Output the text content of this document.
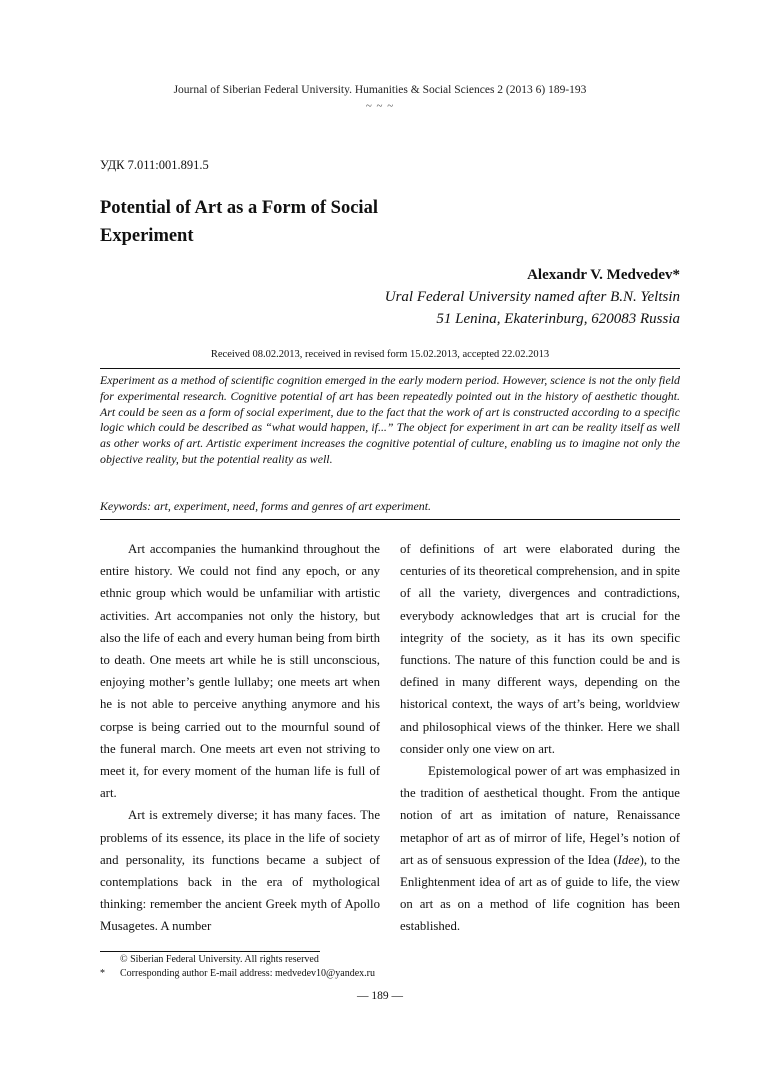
Journal of Siberian Federal University. Humanities & Social Sciences 2 (2013 6) 189-193
~ ~ ~
УДК 7.011:001.891.5
Potential of Art as a Form of Social Experiment
Alexandr V. Medvedev*
Ural Federal University named after B.N. Yeltsin
51 Lenina, Ekaterinburg, 620083 Russia
Received 08.02.2013, received in revised form 15.02.2013, accepted 22.02.2013
Experiment as a method of scientific cognition emerged in the early modern period. However, science is not the only field for experimental research. Cognitive potential of art has been repeatedly pointed out in the history of aesthetic thought. Art could be seen as a form of social experiment, due to the fact that the work of art is constructed according to a specific logic which could be described as “what would happen, if...” The object for experiment in art can be reality itself as well as other works of art. Artistic experiment increases the cognitive potential of culture, enabling us to imagine not only the objective reality, but the potential reality as well.
Keywords: art, experiment, need, forms and genres of art experiment.

Art accompanies the humankind throughout the entire history. We could not find any epoch, or any ethnic group which would be unfamiliar with artistic activities. Art accompanies not only the history, but also the life of each and every human being from birth to death. One meets art while he is still unconscious, enjoying mother’s gentle lullaby; one meets art when he is not able to perceive anything anymore and his corpse is being carried out to the mournful sound of the funeral march. One meets art even not striving to meet it, for every moment of the human life is full of art.

Art is extremely diverse; it has many faces. The problems of its essence, its place in the life of society and personality, its functions became a subject of contemplations back in the era of mythological thinking: remember the ancient Greek myth of Apollo Musagetes. A number

of definitions of art were elaborated during the centuries of its theoretical comprehension, and in spite of all the variety, divergences and contradictions, everybody acknowledges that art is crucial for the integrity of the society, as it has its own specific functions. The nature of this function could be and is defined in many different ways, depending on the historical context, the ways of art’s being, worldview and philosophical views of the thinker. Here we shall consider only one view on art.

Epistemological power of art was emphasized in the tradition of aesthetical thought. From the antique notion of art as imitation of nature, Renaissance metaphor of art as of mirror of life, Hegel’s notion of art as of sensuous expression of the Idea (Idee), to the Enlightenment idea of art as of guide to life, the view on art as on a method of life cognition has been established.

© Siberian Federal University. All rights reserved
* Corresponding author E-mail address: medvedev10@yandex.ru
— 189 —
